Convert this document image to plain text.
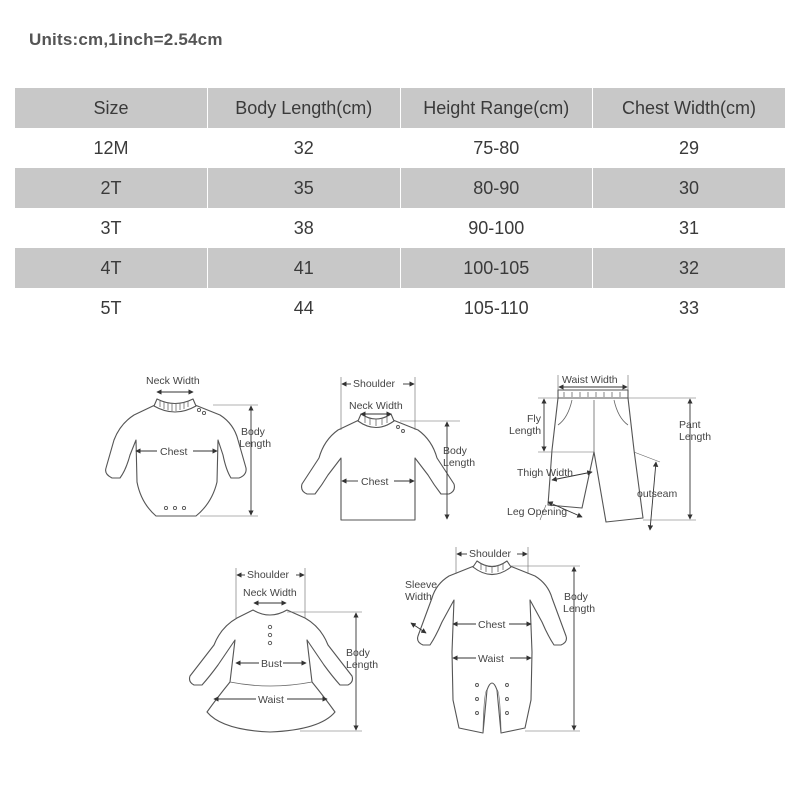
Units:cm,1inch=2.54cm
Size	Body Length(cm)	Height Range(cm)	Chest Width(cm)
12M	32	75-80	29
2T	35	80-90	30
3T	38	90-100	31
4T	41	100-105	32
5T	44	105-110	33
Neck Width
Chest
Body
Length
Shoulder
Neck Width
Chest
Body
Length
Waist Width
Fly
Length	Pant
Length
Thigh Width
outseam
Leg Opening
Shoulder
Neck Width
Bust
Waist
Body
Length
Shoulder
Sleeve
Width
Chest
Waist
Body
Length
